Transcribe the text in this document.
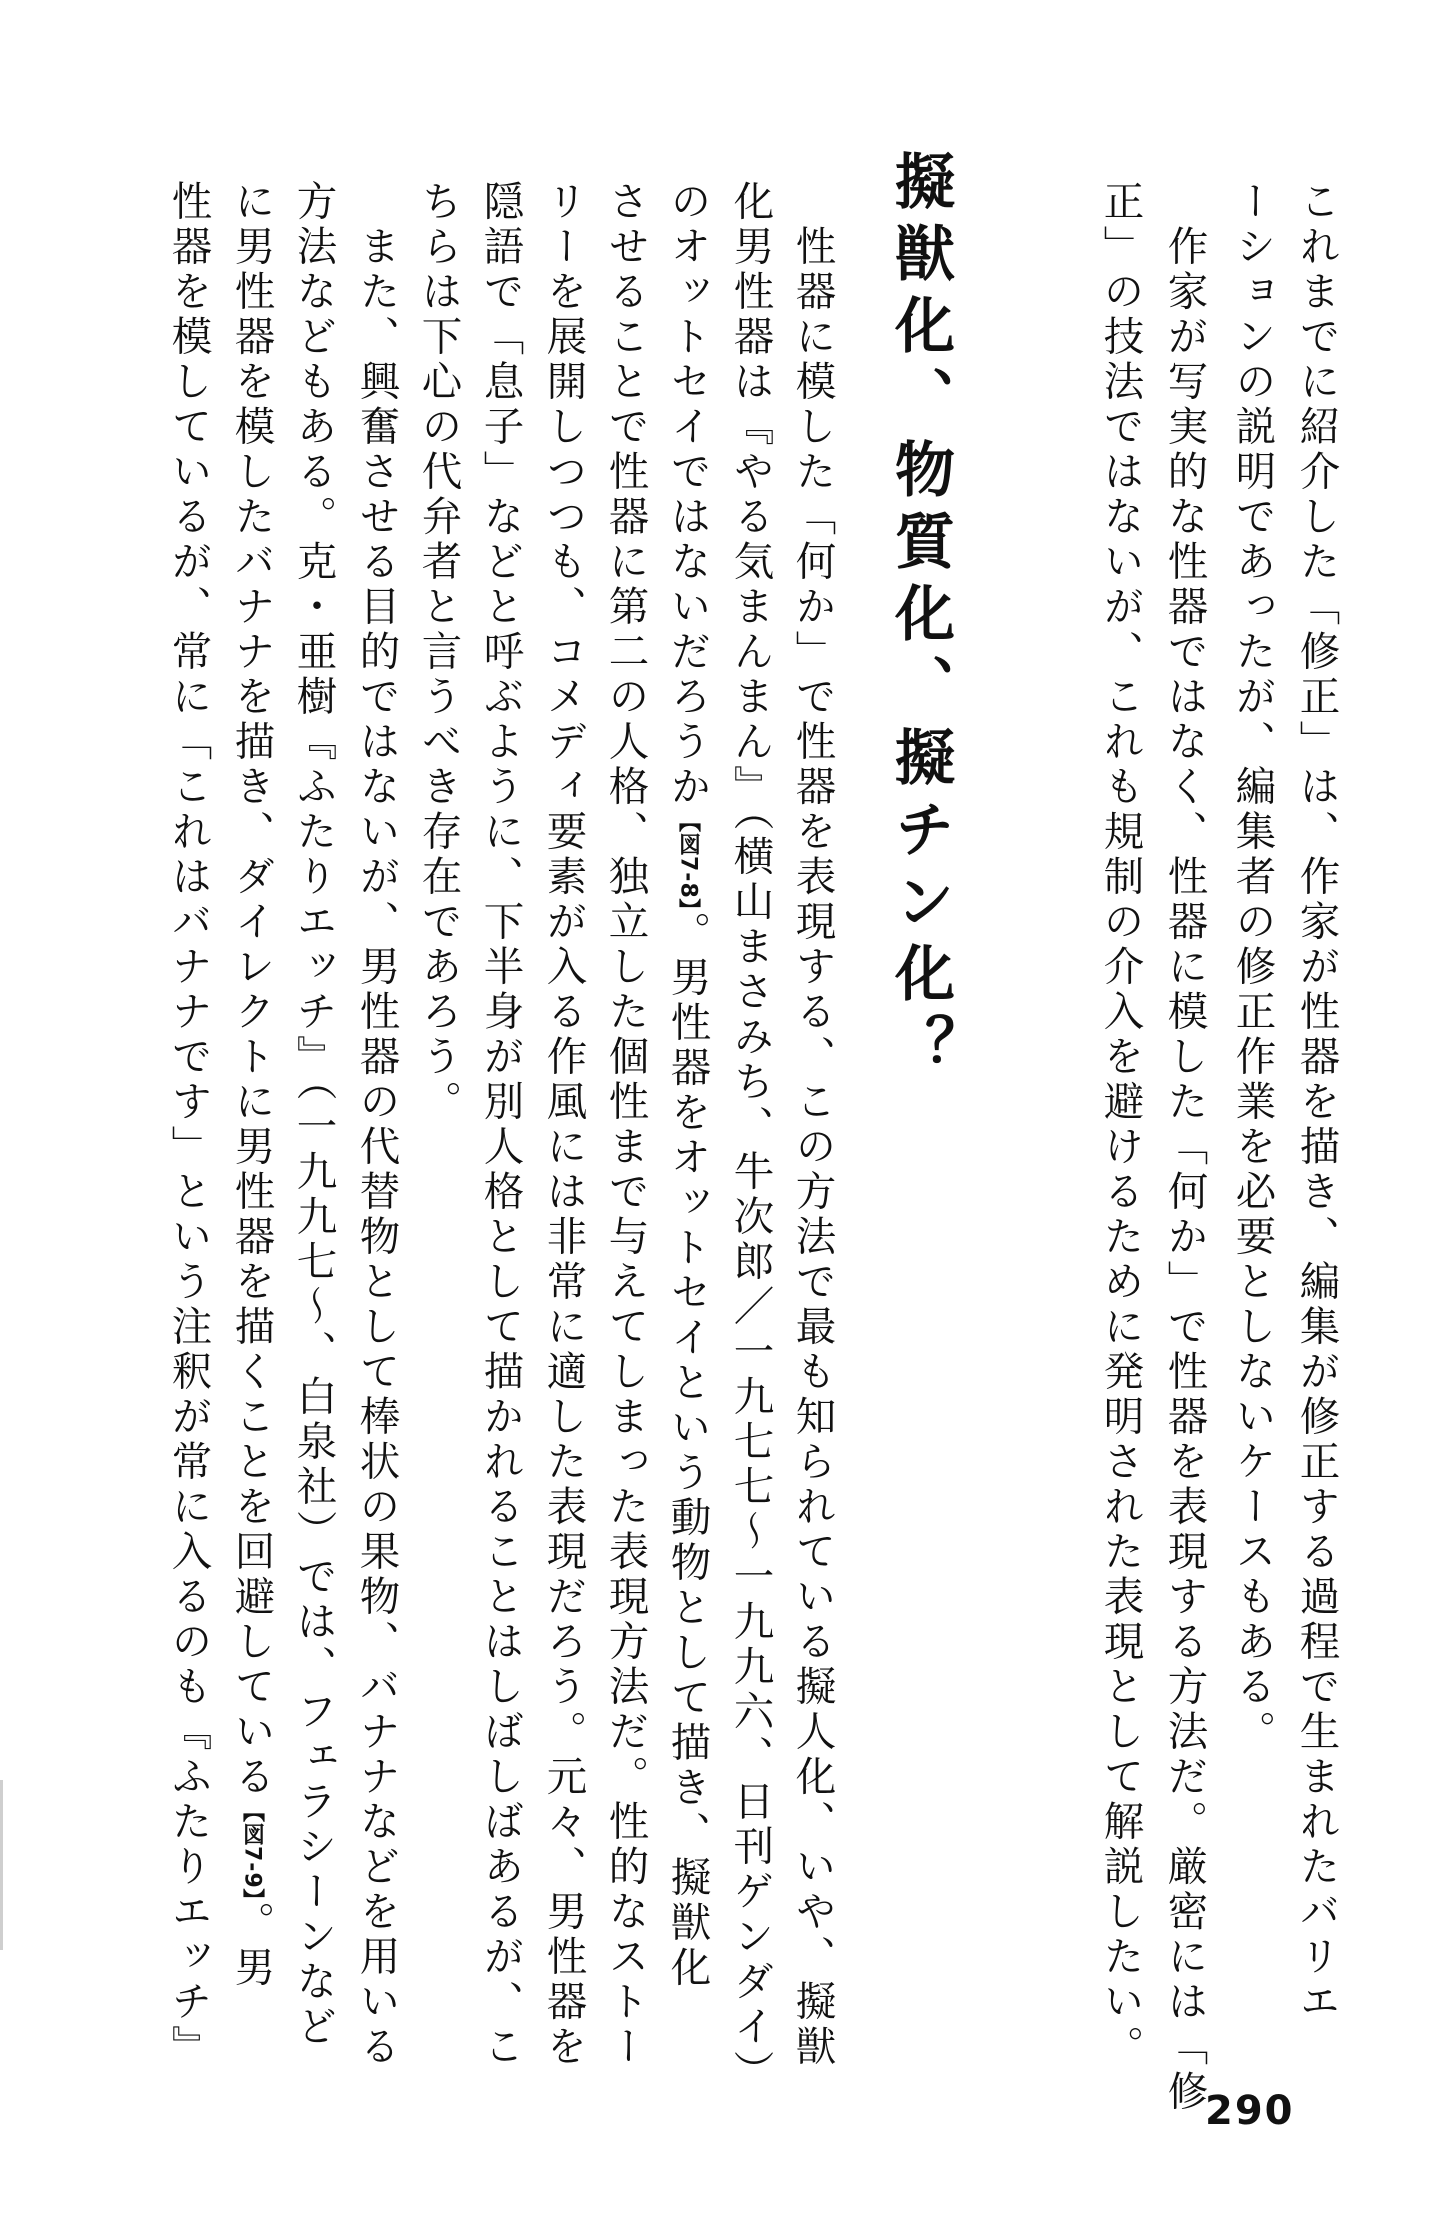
これまでに紹介した「修正」は、作家が性器を描き、編集が修正する過程で生まれたバリエ
ーションの説明であったが、編集者の修正作業を必要としないケースもある。
　作家が写実的な性器ではなく、性器に模した「何か」で性器を表現する方法だ。厳密には「修
正」の技法ではないが、これも規制の介入を避けるために発明された表現として解説したい。
擬獣化、物質化、擬チン化？
　性器に模した「何か」で性器を表現する、この方法で最も知られている擬人化、いや、擬獣
化男性器は『やる気まんまん』（横山まさみち、牛次郎／一九七七〜一九九六、日刊ゲンダイ）
のオットセイではないだろうか【図7-8】。男性器をオットセイという動物として描き、擬獣化
させることで性器に第二の人格、独立した個性まで与えてしまった表現方法だ。性的なストー
リーを展開しつつも、コメディ要素が入る作風には非常に適した表現だろう。元々、男性器を
隠語で「息子」などと呼ぶように、下半身が別人格として描かれることはしばしばあるが、こ
ちらは下心の代弁者と言うべき存在であろう。
　また、興奮させる目的ではないが、男性器の代替物として棒状の果物、バナナなどを用いる
方法などもある。克・亜樹『ふたりエッチ』（一九九七〜、白泉社）では、フェラシーンなど
に男性器を模したバナナを描き、ダイレクトに男性器を描くことを回避している【図7-9】。男
性器を模しているが、常に「これはバナナです」という注釈が常に入るのも『ふたりエッチ』
290
